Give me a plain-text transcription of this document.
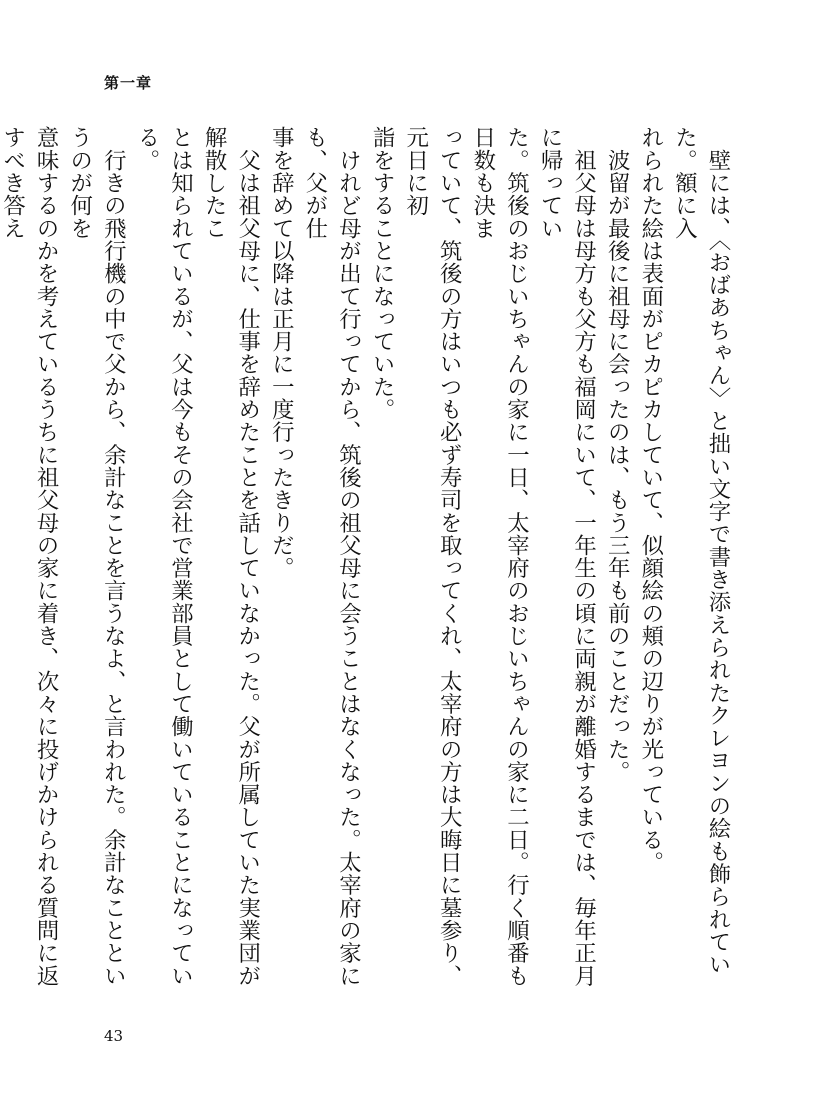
第一章

　壁には、〈おばあちゃん〉と拙い文字で書き添えられたクレヨンの絵も飾られていた。額に入

れられた絵は表面がピカピカしていて、似顔絵の頬の辺りが光っている。

　波留が最後に祖母に会ったのは、もう三年も前のことだった。

　祖父母は母方も父方も福岡にいて、一年生の頃に両親が離婚するまでは、毎年正月に帰ってい

た。筑後のおじいちゃんの家に一日、太宰府のおじいちゃんの家に二日。行く順番も日数も決ま

っていて、筑後の方はいつも必ず寿司を取ってくれ、太宰府の方は大晦日に墓参り、元日に初

詣をすることになっていた。

　けれど母が出て行ってから、筑後の祖父母に会うことはなくなった。太宰府の家にも、父が仕

事を辞めて以降は正月に一度行ったきりだ。

　父は祖父母に、仕事を辞めたことを話していなかった。父が所属していた実業団が解散したこ

とは知られているが、父は今もその会社で営業部員として働いていることになっている。

　行きの飛行機の中で父から、余計なことを言うなよ、と言われた。余計なことというのが何を

意味するのかを考えているうちに祖父母の家に着き、次々に投げかけられる質問に返すべき答え

43
